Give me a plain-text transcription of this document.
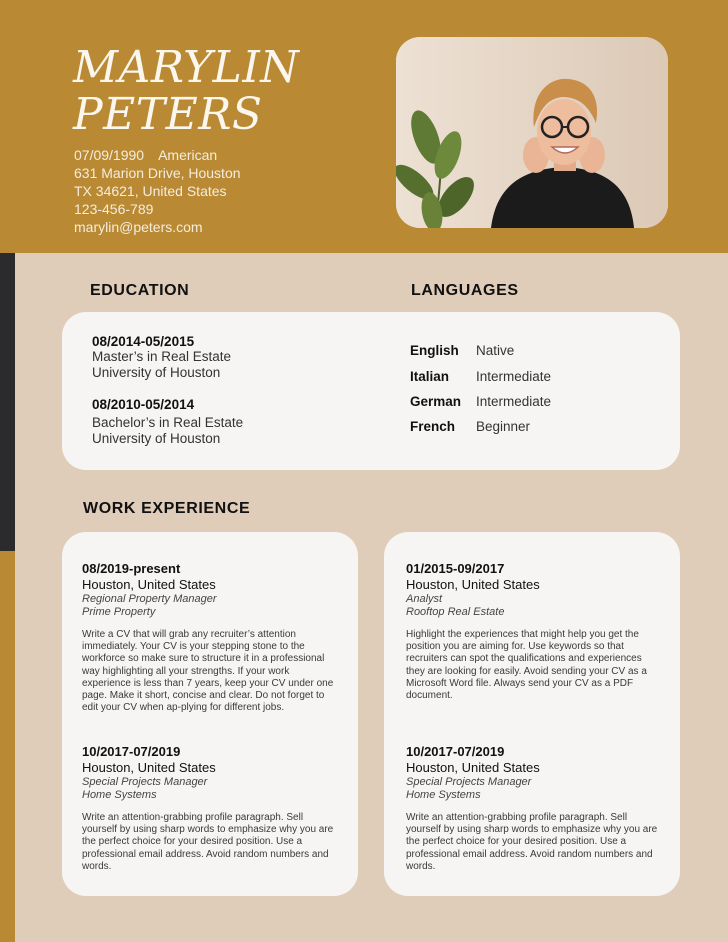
MARYLIN
PETERS
07/09/1990 American
631 Marion Drive, Houston
TX 34621, United States
123-456-789
marylin@peters.com
EDUCATION	LANGUAGES
08/2014-05/2015
Master’s in Real Estate
University of Houston
08/2010-05/2014
Bachelor’s in Real Estate
University of Houston
English Native
Italian Intermediate
German Intermediate
French Beginner
WORK EXPERIENCE
08/2019-present
Houston, United States
Regional Property Manager
Prime Property
Write a CV that will grab any recruiter’s attention immediately. Your CV is your stepping stone to the workforce so make sure to structure it in a professional way highlighting all your strengths. If your work experience is less than 7 years, keep your CV under one page. Make it short, concise and clear. Do not forget to edit your CV when ap-plying for different jobs.
01/2015-09/2017
Houston, United States
Analyst
Rooftop Real Estate
Highlight the experiences that might help you get the position you are aiming for. Use keywords so that recruiters can spot the qualifications and experiences they are looking for easily. Avoid sending your CV as a Microsoft Word file. Always send your CV as a PDF document.
10/2017-07/2019
Houston, United States
Special Projects Manager
Home Systems
Write an attention-grabbing profile paragraph. Sell yourself by using sharp words to emphasize why you are the perfect choice for your desired position. Use a professional email address. Avoid random numbers and words.
10/2017-07/2019
Houston, United States
Special Projects Manager
Home Systems
Write an attention-grabbing profile paragraph. Sell yourself by using sharp words to emphasize why you are the perfect choice for your desired position. Use a professional email address. Avoid random numbers and words.
